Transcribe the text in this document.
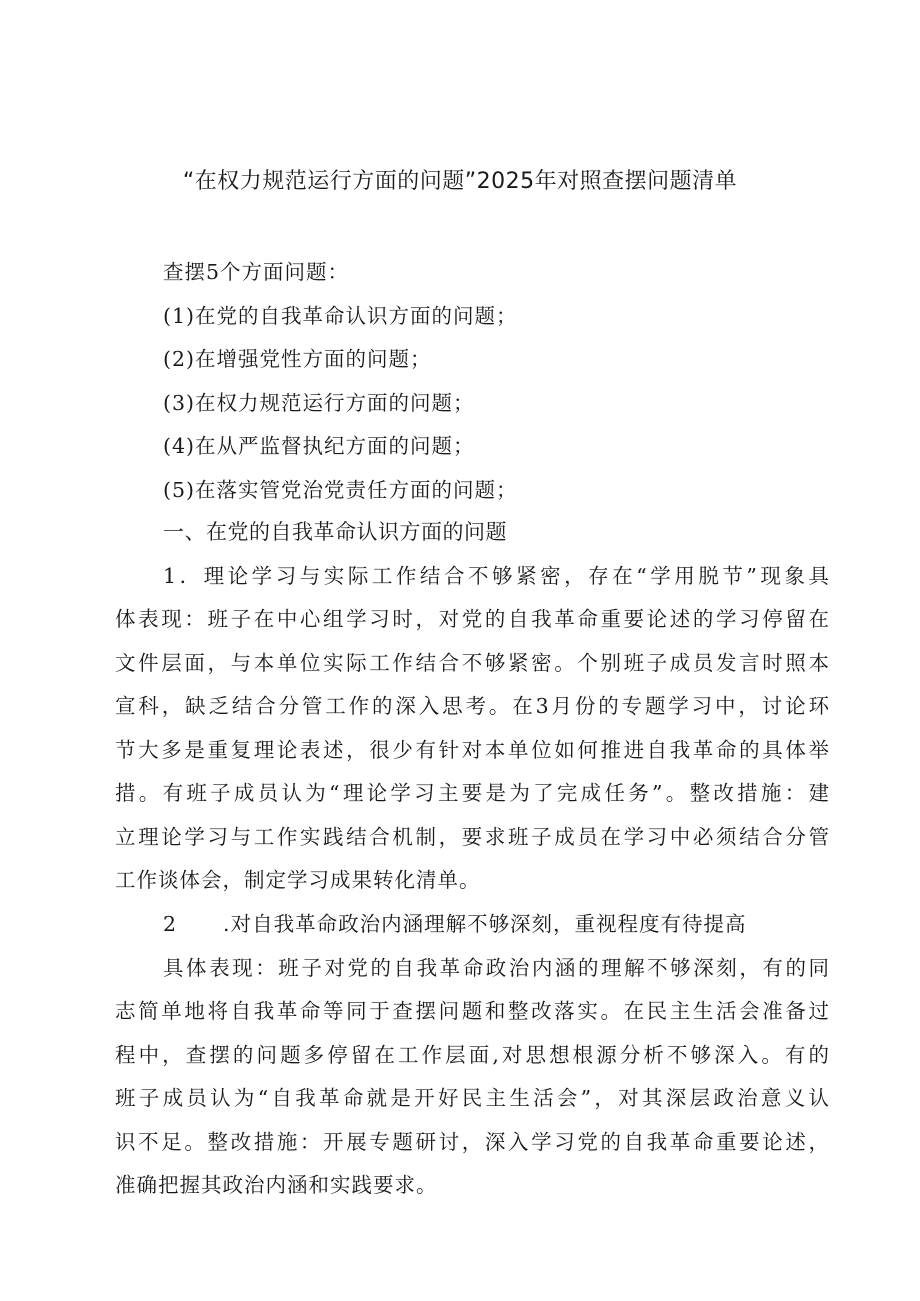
“在权力规范运行方面的问题”2025年对照查摆问题清单
查摆5个方面问题：
(1)在党的自我革命认识方面的问题；
(2)在增强党性方面的问题；
(3)在权力规范运行方面的问题；
(4)在从严监督执纪方面的问题；
(5)在落实管党治党责任方面的问题；
一、在党的自我革命认识方面的问题
1．理论学习与实际工作结合不够紧密，存在“学用脱节”现象具
体表现：班子在中心组学习时，对党的自我革命重要论述的学习停留在
文件层面，与本单位实际工作结合不够紧密。个别班子成员发言时照本
宣科，缺乏结合分管工作的深入思考。在3月份的专题学习中，讨论环
节大多是重复理论表述，很少有针对本单位如何推进自我革命的具体举
措。有班子成员认为“理论学习主要是为了完成任务”。整改措施：建
立理论学习与工作实践结合机制，要求班子成员在学习中必须结合分管
工作谈体会，制定学习成果转化清单。
2 .对自我革命政治内涵理解不够深刻，重视程度有待提高
具体表现：班子对党的自我革命政治内涵的理解不够深刻，有的同
志简单地将自我革命等同于查摆问题和整改落实。在民主生活会准备过
程中，查摆的问题多停留在工作层面,对思想根源分析不够深入。有的
班子成员认为“自我革命就是开好民主生活会”，对其深层政治意义认
识不足。整改措施：开展专题研讨，深入学习党的自我革命重要论述，
准确把握其政治内涵和实践要求。
